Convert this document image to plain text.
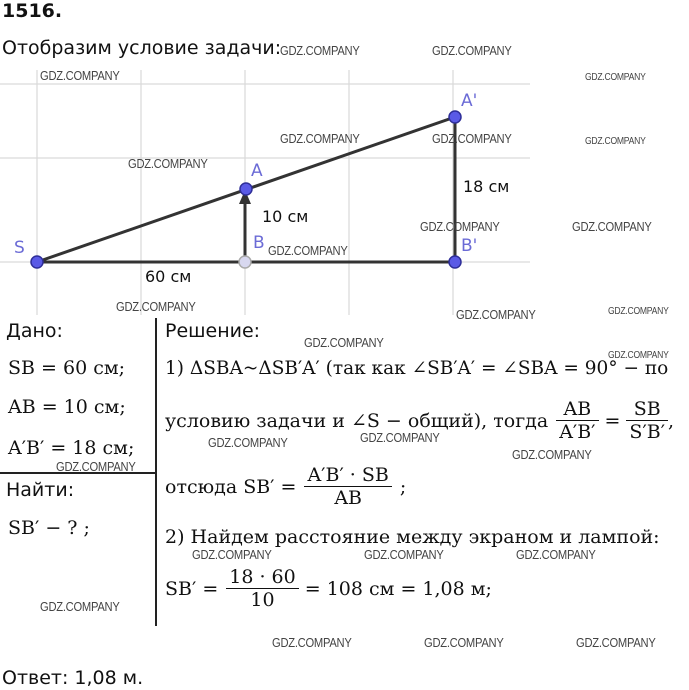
1516.
Отобразим условие задачи:
S
A
B
A'
B'
10 см
18 см
60 см
Дано:
SB = 60 см;
AB = 10 см;
A′B′ = 18 см;
Найти:
SB′ − ? ;
Решение:
1) ΔSBA~ΔSB′A′ (так как ∠SB′A′ = ∠SBA = 90° − по
условию задачи и ∠S − общий), тогда $\frac{AB}{A'B'} = \frac{SB}{S'B'}$ ,
отсюда $SB' = \frac{A'B' \cdot SB}{AB}$ ;
2) Найдем расстояние между экраном и лампой:
$SB' = \frac{18 \cdot 60}{10} = 108$ см = 1,08 м;
Ответ: 1,08 м.
GDZ.COMPANY	GDZ.COMPANY
GDZ.COMPANY	GDZ.COMPANY
GDZ.COMPANY	GDZ.COMPANY	GDZ.COMPANY
GDZ.COMPANY
GDZ.COMPANY	GDZ.COMPANY
GDZ.COMPANY
GDZ.COMPANY
GDZ.COMPANY	GDZ.COMPANY
GDZ.COMPANY
GDZ.COMPANY
GDZ.COMPANY	GDZ.COMPANY
GDZ.COMPANY
GDZ.COMPANY
GDZ.COMPANY	GDZ.COMPANY	GDZ.COMPANY
GDZ.COMPANY
GDZ.COMPANY	GDZ.COMPANY	GDZ.COMPANY
